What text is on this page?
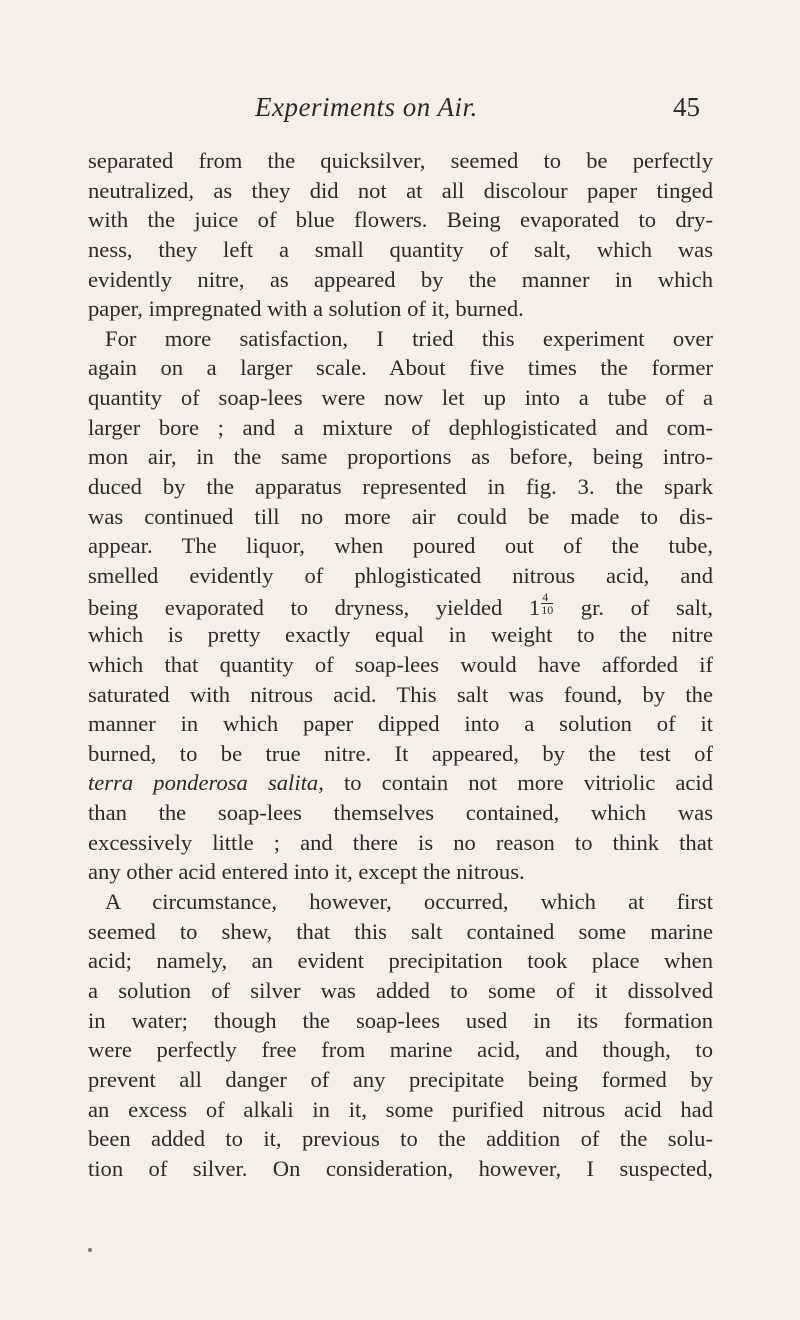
Experiments on Air.	45
separated from the quicksilver, seemed to be perfectly
neutralized, as they did not at all discolour paper tinged
with the juice of blue flowers. Being evaporated to dry-
ness, they left a small quantity of salt, which was
evidently nitre, as appeared by the manner in which
paper, impregnated with a solution of it, burned.
For more satisfaction, I tried this experiment over
again on a larger scale. About five times the former
quantity of soap-lees were now let up into a tube of a
larger bore ; and a mixture of dephlogisticated and com-
mon air, in the same proportions as before, being intro-
duced by the apparatus represented in fig. 3. the spark
was continued till no more air could be made to dis-
appear. The liquor, when poured out of the tube,
smelled evidently of phlogisticated nitrous acid, and
being evaporated to dryness, yielded $1 \frac{4}{10}$ gr. of salt,
which is pretty exactly equal in weight to the nitre
which that quantity of soap-lees would have afforded if
saturated with nitrous acid. This salt was found, by the
manner in which paper dipped into a solution of it
burned, to be true nitre. It appeared, by the test of
terra ponderosa salita, to contain not more vitriolic acid
than the soap-lees themselves contained, which was
excessively little ; and there is no reason to think that
any other acid entered into it, except the nitrous.
A circumstance, however, occurred, which at first
seemed to shew, that this salt contained some marine
acid; namely, an evident precipitation took place when
a solution of silver was added to some of it dissolved
in water; though the soap-lees used in its formation
were perfectly free from marine acid, and though, to
prevent all danger of any precipitate being formed by
an excess of alkali in it, some purified nitrous acid had
been added to it, previous to the addition of the solu-
tion of silver. On consideration, however, I suspected,
